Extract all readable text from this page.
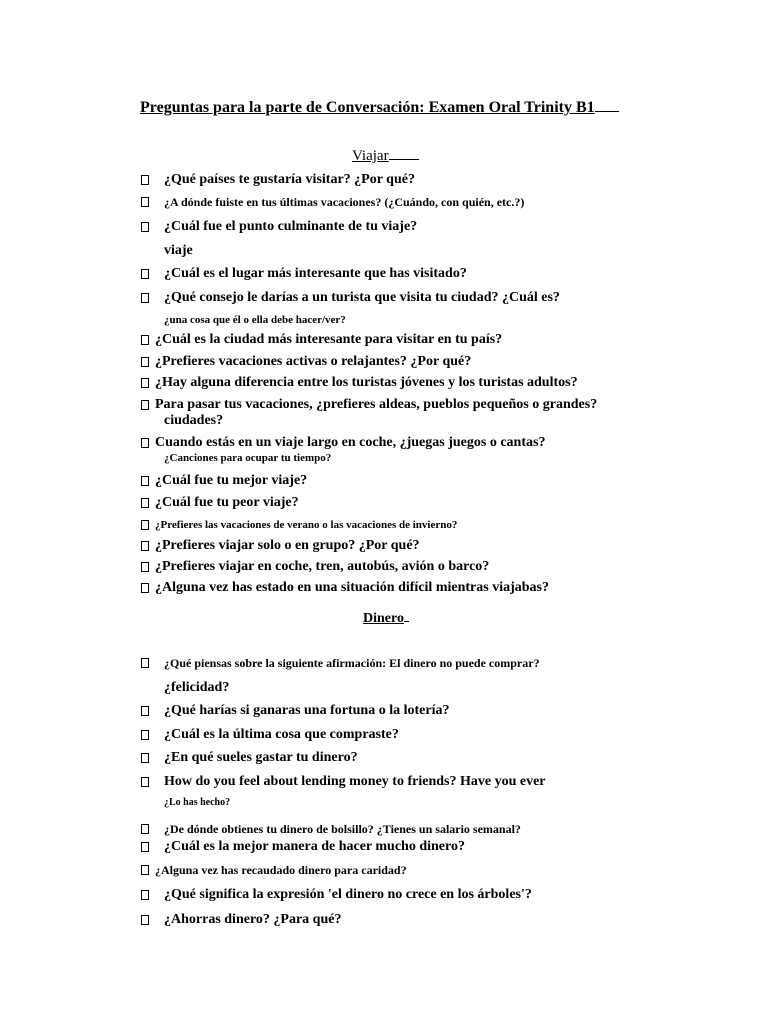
Preguntas para la parte de Conversación: Examen Oral Trinity B1
Viajar
¿Qué países te gustaría visitar? ¿Por qué?
¿A dónde fuiste en tus últimas vacaciones? (¿Cuándo, con quién, etc.?)
¿Cuál fue el punto culminante de tu viaje?
viaje
¿Cuál es el lugar más interesante que has visitado?
¿Qué consejo le darías a un turista que visita tu ciudad? ¿Cuál es?
¿una cosa que él o ella debe hacer/ver?
¿Cuál es la ciudad más interesante para visitar en tu país?
¿Prefieres vacaciones activas o relajantes? ¿Por qué?
¿Hay alguna diferencia entre los turistas jóvenes y los turistas adultos?
Para pasar tus vacaciones, ¿prefieres aldeas, pueblos pequeños o grandes?
ciudades?
Cuando estás en un viaje largo en coche, ¿juegas juegos o cantas?
¿Canciones para ocupar tu tiempo?
¿Cuál fue tu mejor viaje?
¿Cuál fue tu peor viaje?
¿Prefieres las vacaciones de verano o las vacaciones de invierno?
¿Prefieres viajar solo o en grupo? ¿Por qué?
¿Prefieres viajar en coche, tren, autobús, avión o barco?
¿Alguna vez has estado en una situación difícil mientras viajabas?
Dinero
¿Qué piensas sobre la siguiente afirmación: El dinero no puede comprar?
¿felicidad?
¿Qué harías si ganaras una fortuna o la lotería?
¿Cuál es la última cosa que compraste?
¿En qué sueles gastar tu dinero?
How do you feel about lending money to friends? Have you ever
¿Lo has hecho?
¿De dónde obtienes tu dinero de bolsillo? ¿Tienes un salario semanal?
¿Cuál es la mejor manera de hacer mucho dinero?
¿Alguna vez has recaudado dinero para caridad?
¿Qué significa la expresión 'el dinero no crece en los árboles'?
¿Ahorras dinero? ¿Para qué?
